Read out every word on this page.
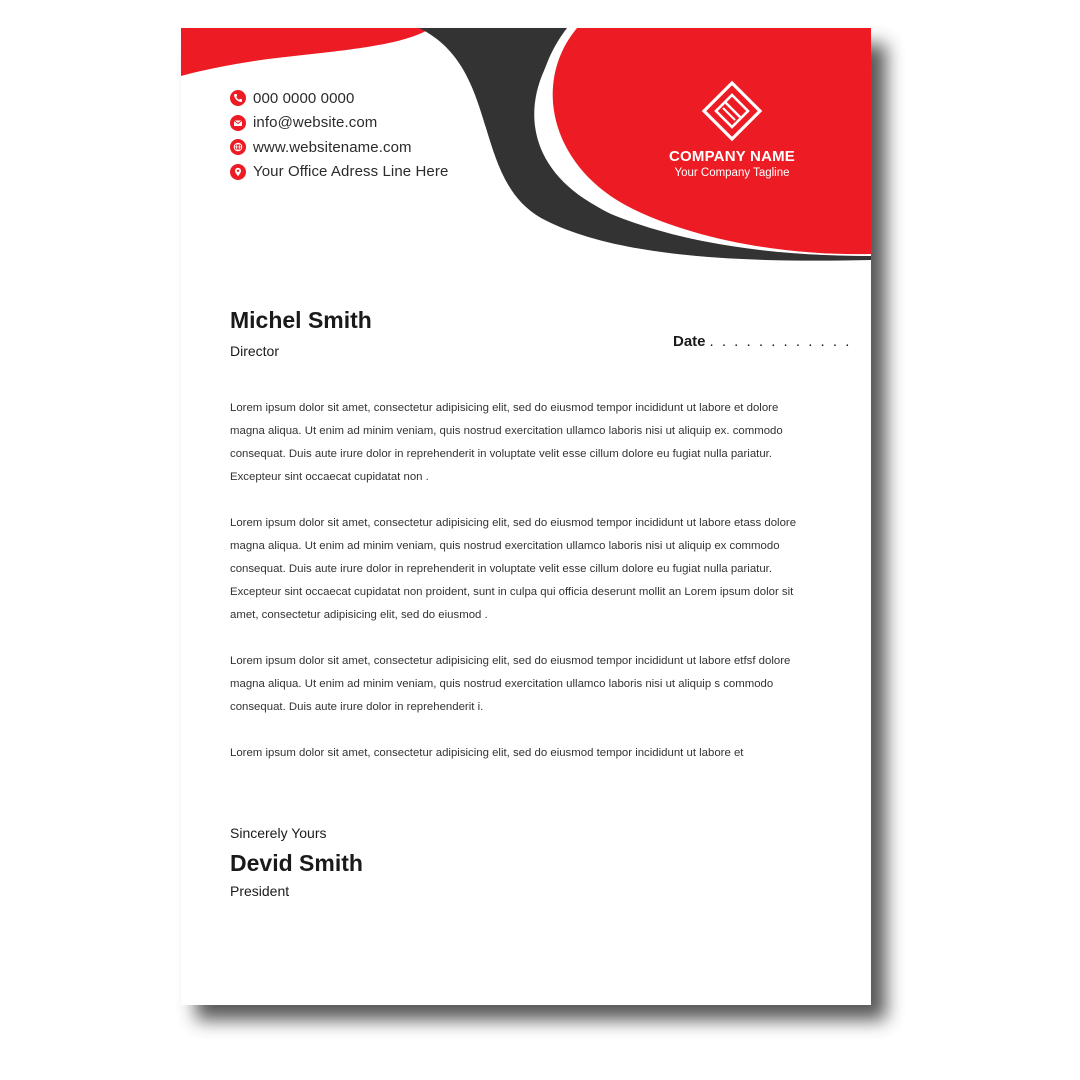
000 0000 0000
info@website.com
www.websitename.com
Your Office Adress Line Here
COMPANY NAME
Your Company Tagline
Michel Smith
Director
Date . . . . . . . . . . . .

Lorem ipsum dolor sit amet, consectetur adipisicing elit, sed do eiusmod tempor incididunt ut labore et dolore magna aliqua. Ut enim ad minim veniam, quis nostrud exercitation ullamco laboris nisi ut aliquip ex. commodo consequat. Duis aute irure dolor in reprehenderit in voluptate velit esse cillum dolore eu fugiat nulla pariatur. Excepteur sint occaecat cupidatat non .

Lorem ipsum dolor sit amet, consectetur adipisicing elit, sed do eiusmod tempor incididunt ut labore etass dolore magna aliqua. Ut enim ad minim veniam, quis nostrud exercitation ullamco laboris nisi ut aliquip ex commodo consequat. Duis aute irure dolor in reprehenderit in voluptate velit esse cillum dolore eu fugiat nulla pariatur. Excepteur sint occaecat cupidatat non proident, sunt in culpa qui officia deserunt mollit an Lorem ipsum dolor sit amet, consectetur adipisicing elit, sed do eiusmod .

Lorem ipsum dolor sit amet, consectetur adipisicing elit, sed do eiusmod tempor incididunt ut labore etfsf dolore magna aliqua. Ut enim ad minim veniam, quis nostrud exercitation ullamco laboris nisi ut aliquip s commodo consequat. Duis aute irure dolor in reprehenderit i.

Lorem ipsum dolor sit amet, consectetur adipisicing elit, sed do eiusmod tempor incididunt ut labore et

Sincerely Yours
Devid Smith
President
